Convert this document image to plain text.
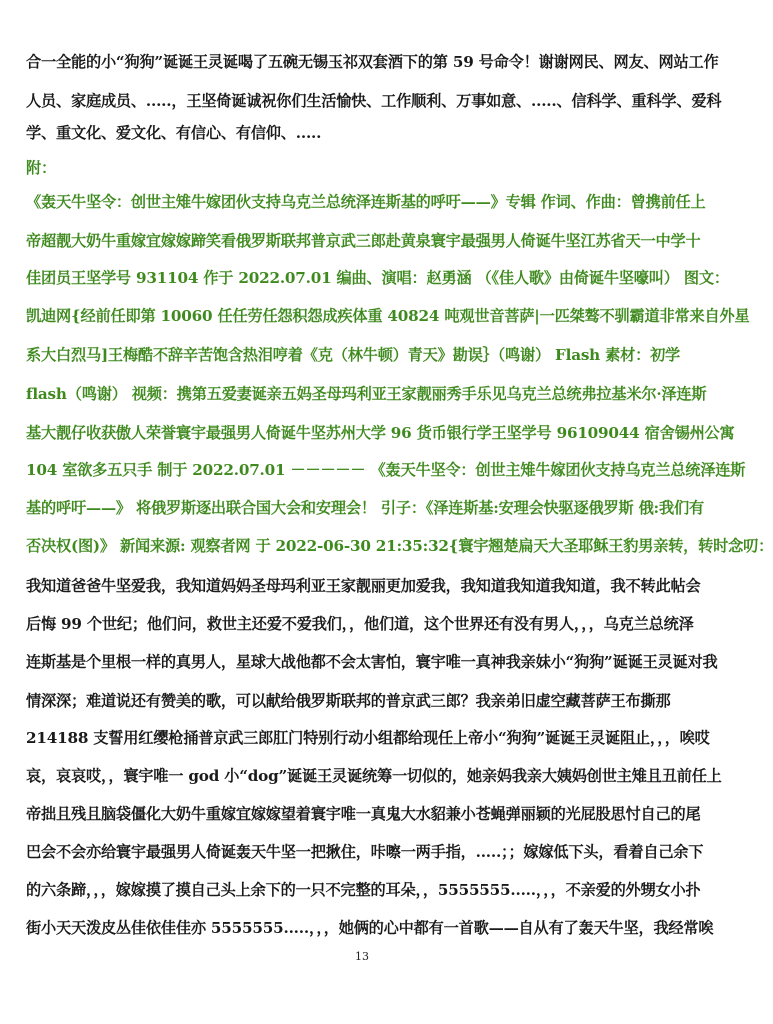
合一全能的小“狗狗”诞诞王灵诞喝了五碗无锡玉祁双套酒下的第 59 号命令！谢谢网民、网友、网站工作
人员、家庭成员、.....，王坚倚诞诚祝你们生活愉快、工作顺利、万事如意、.....、信科学、重科学、爱科
学、重文化、爱文化、有信心、有信仰、.....
附：
《轰天牛坚令：创世主雉牛嫁团伙支持乌克兰总统泽连斯基的呼吁——》专辑 作词、作曲：曾携前任上
帝超靓大奶牛重嫁宜嫁嫁蹄笑看俄罗斯联邦普京武三郎赴黄泉寰宇最强男人倚诞牛坚江苏省天一中学十
佳团员王坚学号 931104 作于 2022.07.01 编曲、演唱：赵勇涵 （《佳人歌》由倚诞牛坚嚎叫） 图文：
凯迪网{经前任即第 10060 任任劳任怨积怨成疾体重 40824 吨观世音菩萨|一匹桀骜不驯霸道非常来自外星
系大白烈马]王梅酷不辞辛苦饱含热泪哼着《克（林牛顿）青天》勘误｝（鸣谢） Flash 素材：初学
flash（鸣谢） 视频：携第五爱妻诞亲五妈圣母玛利亚王家靓丽秀手乐见乌克兰总统弗拉基米尔·泽连斯
基大靓仔收获傲人荣誉寰宇最强男人倚诞牛坚苏州大学 96 货币银行学王坚学号 96109044 宿舍锡州公寓
104 室欲多五只手 制于 2022.07.01 －－－－－ 《轰天牛坚令：创世主雉牛嫁团伙支持乌克兰总统泽连斯
基的呼吁——》 将俄罗斯逐出联合国大会和安理会！ 引子：《泽连斯基:安理会快驱逐俄罗斯 俄:我们有
否决权(图)》 新闻来源: 观察者网 于 2022-06-30 21:35:32{寰宇翘楚扁天大圣耶稣王豹男亲转，转时念叨：
我知道爸爸牛坚爱我，我知道妈妈圣母玛利亚王家靓丽更加爱我，我知道我知道我知道，我不转此帖会
后悔 99 个世纪；他们问，救世主还爱不爱我们，，他们道，这个世界还有没有男人，，，乌克兰总统泽
连斯基是个里根一样的真男人，星球大战他都不会太害怕，寰宇唯一真神我亲妹小“狗狗”诞诞王灵诞对我
情深深；难道说还有赞美的歌，可以献给俄罗斯联邦的普京武三郎？我亲弟旧虚空藏菩萨王布撕那
214188 支誓用红缨枪捅普京武三郎肛门特别行动小组都给现任上帝小“狗狗”诞诞王灵诞阻止，，，唉哎
哀，哀哀哎，，寰宇唯一 god 小“dog”诞诞王灵诞统筹一切似的，她亲妈我亲大姨妈创世主雉且丑前任上
帝拙且残且脑袋僵化大奶牛重嫁宜嫁嫁望着寰宇唯一真鬼大水貂兼小苍蝇弹丽颖的光屁股思忖自己的尾
巴会不会亦给寰宇最强男人倚诞轰天牛坚一把揪住，咔嚓一两手指，.....；；嫁嫁低下头，看着自己余下
的六条蹄，，，嫁嫁摸了摸自己头上余下的一只不完整的耳朵，，5555555.....，，，不亲爱的外甥女小扑
街小天天泼皮丛佳依佳佳亦 5555555.....，，，她俩的心中都有一首歌——自从有了轰天牛坚，我经常唉
13
